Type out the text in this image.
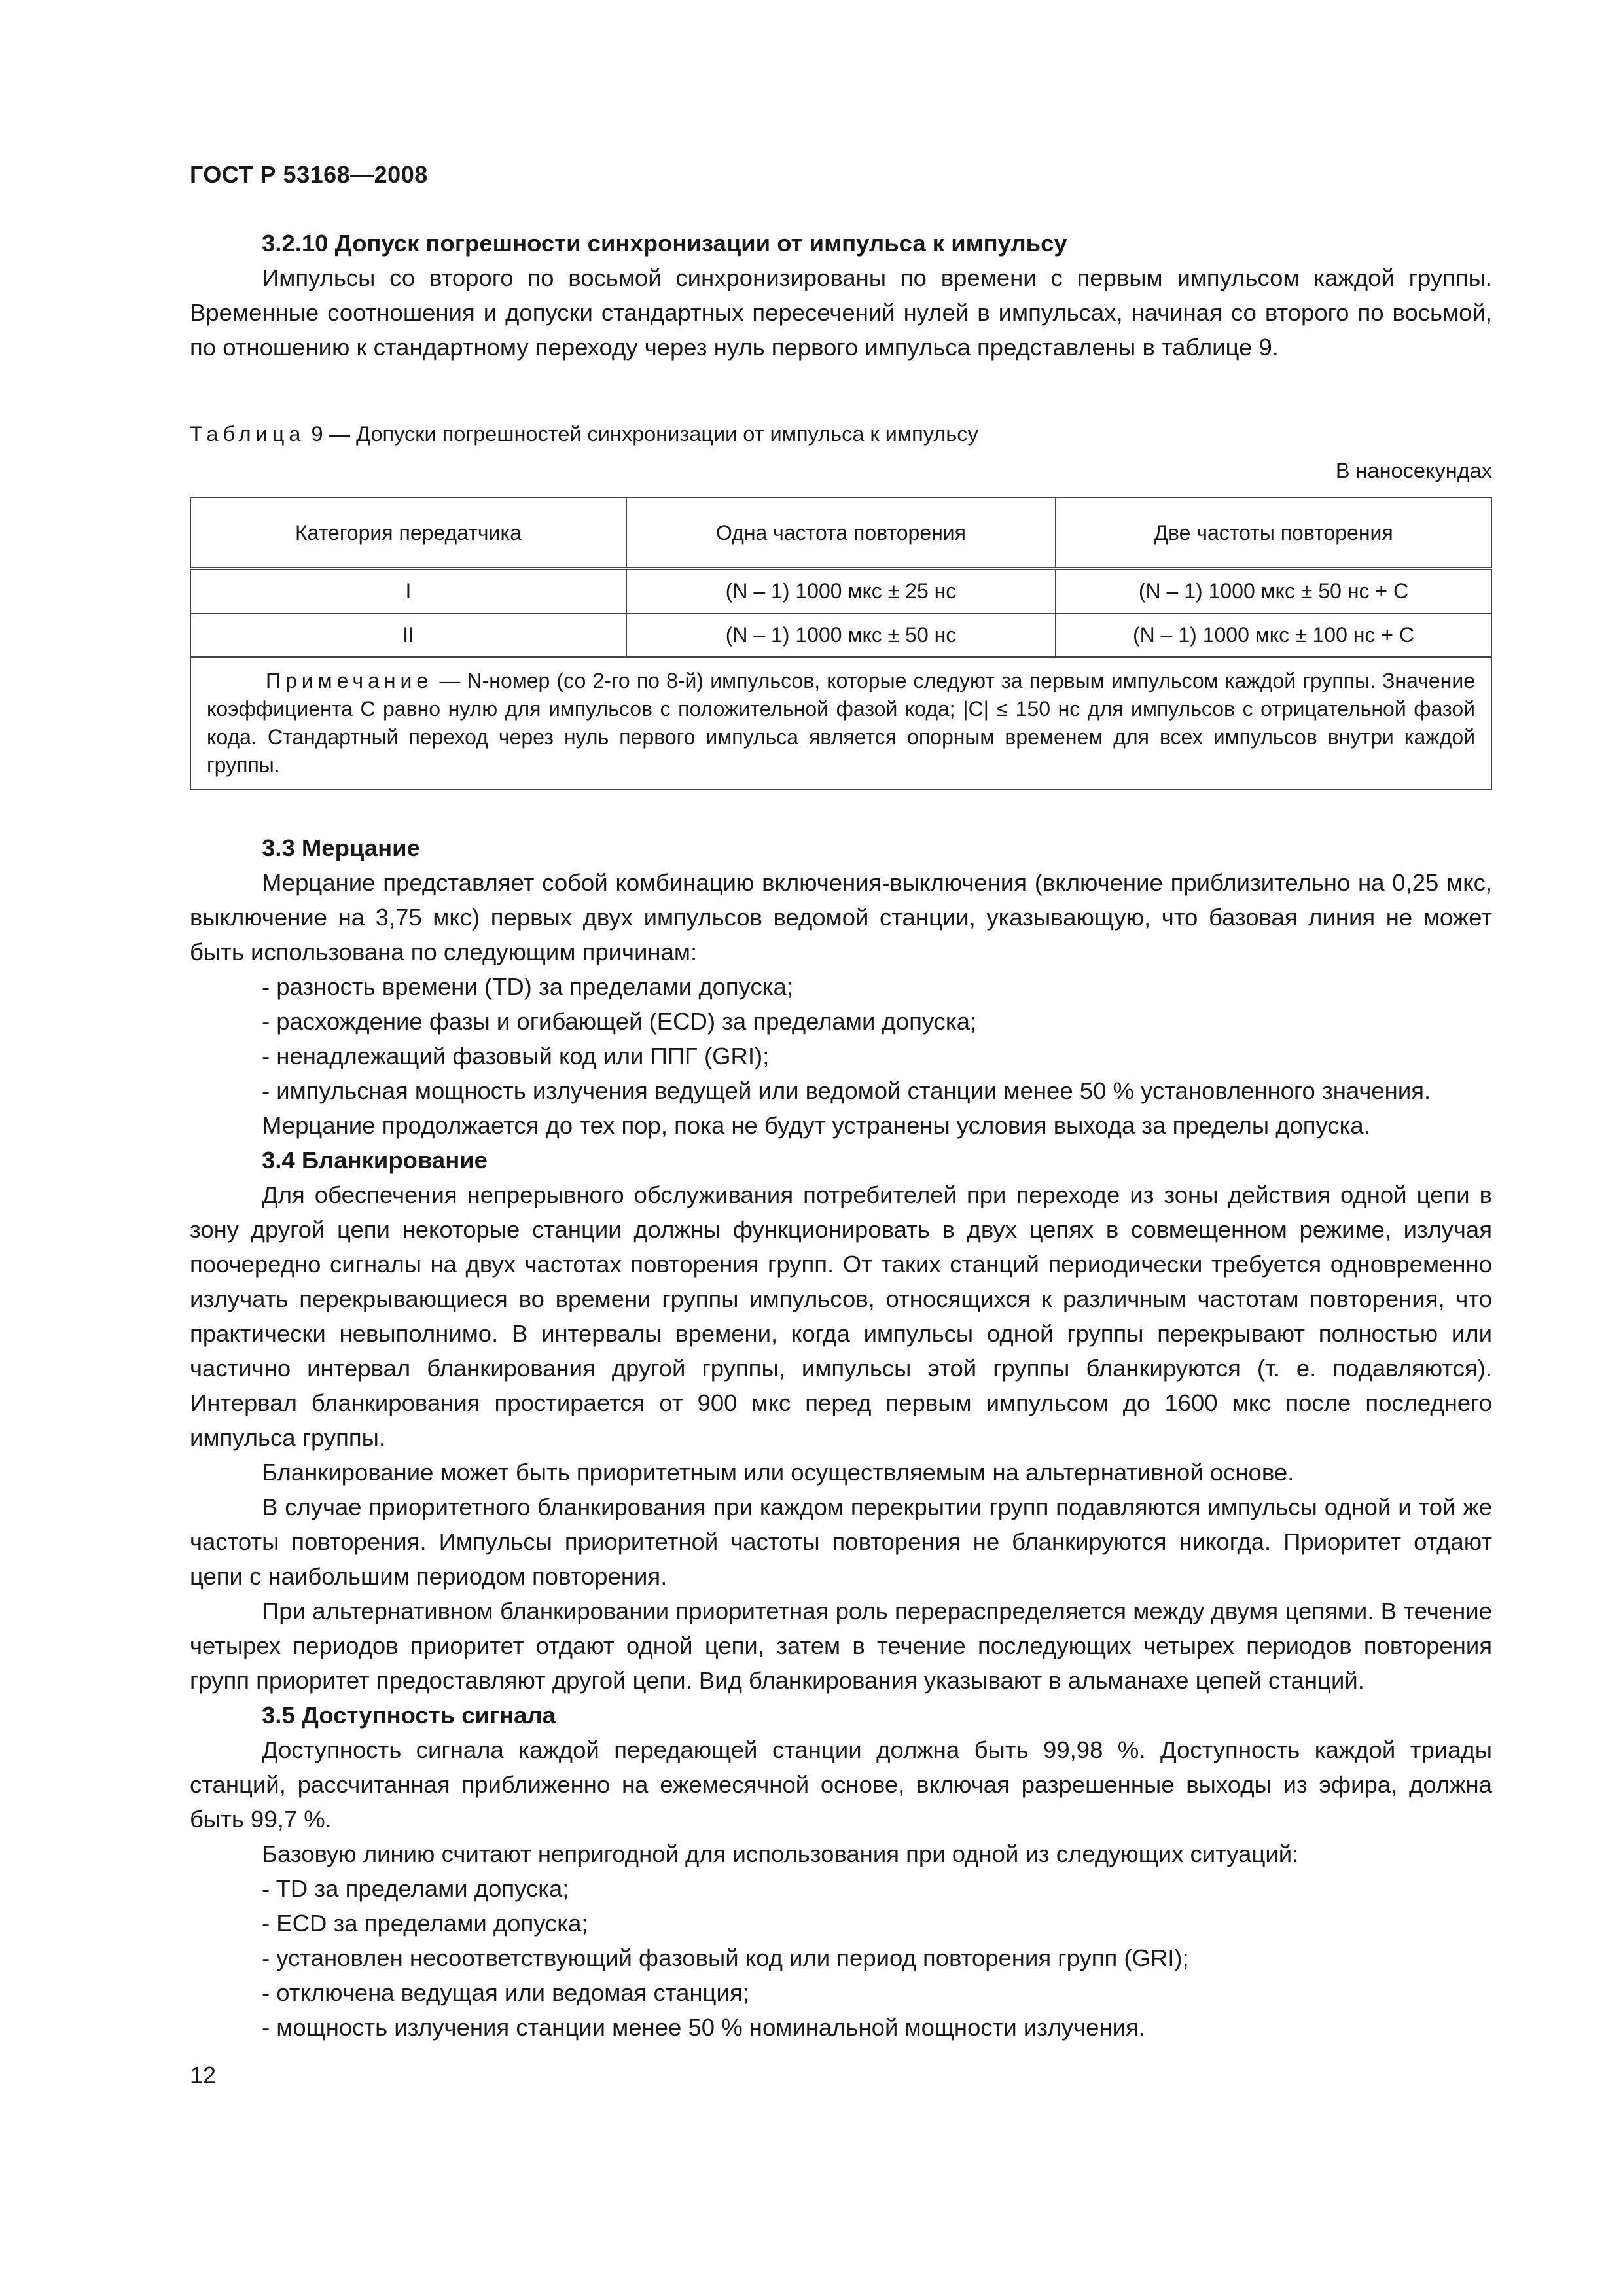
ГОСТ Р 53168—2008
3.2.10 Допуск погрешности синхронизации от импульса к импульсу

Импульсы со второго по восьмой синхронизированы по времени с первым импульсом каждой группы. Временные соотношения и допуски стандартных пересечений нулей в импульсах, начиная со второго по восьмой, по отношению к стандартному переходу через нуль первого импульса представлены в таблице 9.

Таблица 9 — Допуски погрешностей синхронизации от импульса к импульсу
В наносекундах
Категория передатчика	Одна частота повторения	Две частоты повторения
I	(N – 1) 1000 мкс ± 25 нс	(N – 1) 1000 мкс ± 50 нс + C
II	(N – 1) 1000 мкс ± 50 нс	(N – 1) 1000 мкс ± 100 нс + C
Примечание — N-номер (со 2-го по 8-й) импульсов, которые следуют за первым импульсом каждой группы. Значение коэффициента C равно нулю для импульсов с положительной фазой кода; |C| ≤ 150 нс для импульсов с отрицательной фазой кода. Стандартный переход через нуль первого импульса является опорным временем для всех импульсов внутри каждой группы.		
3.3 Мерцание

Мерцание представляет собой комбинацию включения-выключения (включение приблизительно на 0,25 мкс, выключение на 3,75 мкс) первых двух импульсов ведомой станции, указывающую, что базовая линия не может быть использована по следующим причинам:

- разность времени (TD) за пределами допуска;
- расхождение фазы и огибающей (ECD) за пределами допуска;
- ненадлежащий фазовый код или ППГ (GRI);

- импульсная мощность излучения ведущей или ведомой станции менее 50 % установленного значения.

Мерцание продолжается до тех пор, пока не будут устранены условия выхода за пределы допуска.

3.4 Бланкирование

Для обеспечения непрерывного обслуживания потребителей при переходе из зоны действия одной цепи в зону другой цепи некоторые станции должны функционировать в двух цепях в совмещенном режиме, излучая поочередно сигналы на двух частотах повторения групп. От таких станций периодически требуется одновременно излучать перекрывающиеся во времени группы импульсов, относящихся к различным частотам повторения, что практически невыполнимо. В интервалы времени, когда импульсы одной группы перекрывают полностью или частично интервал бланкирования другой группы, импульсы этой группы бланкируются (т. е. подавляются). Интервал бланкирования простирается от 900 мкс перед первым импульсом до 1600 мкс после последнего импульса группы.

Бланкирование может быть приоритетным или осуществляемым на альтернативной основе.

В случае приоритетного бланкирования при каждом перекрытии групп подавляются импульсы одной и той же частоты повторения. Импульсы приоритетной частоты повторения не бланкируются никогда. Приоритет отдают цепи с наибольшим периодом повторения.

При альтернативном бланкировании приоритетная роль перераспределяется между двумя цепями. В течение четырех периодов приоритет отдают одной цепи, затем в течение последующих четырех периодов повторения групп приоритет предоставляют другой цепи. Вид бланкирования указывают в альманахе цепей станций.

3.5 Доступность сигнала

Доступность сигнала каждой передающей станции должна быть 99,98 %. Доступность каждой триады станций, рассчитанная приближенно на ежемесячной основе, включая разрешенные выходы из эфира, должна быть 99,7 %.

Базовую линию считают непригодной для использования при одной из следующих ситуаций:

- TD за пределами допуска;
- ECD за пределами допуска;
- установлен несоответствующий фазовый код или период повторения групп (GRI);
- отключена ведущая или ведомая станция;
- мощность излучения станции менее 50 % номинальной мощности излучения.
12
